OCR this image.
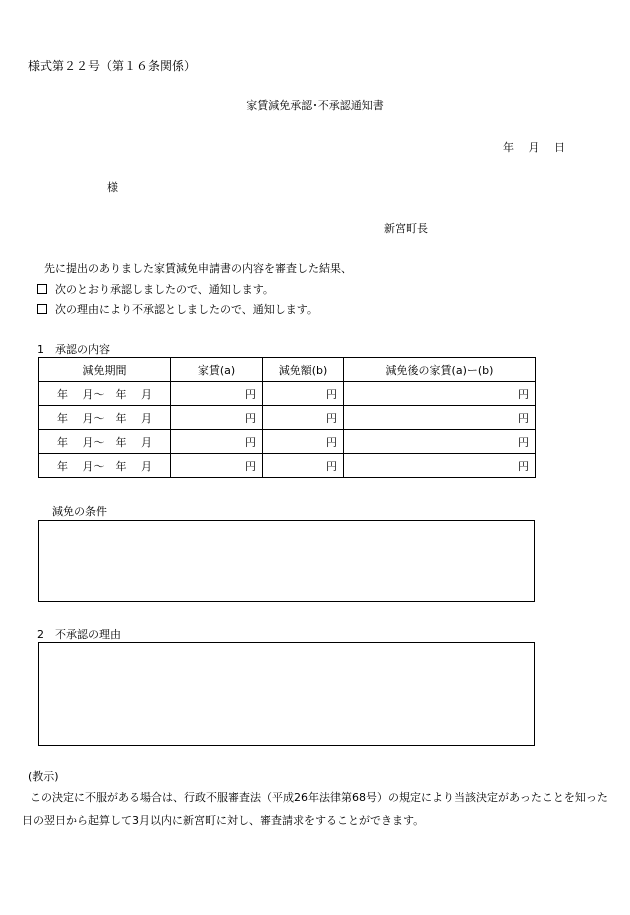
様式第２２号（第１６条関係）
家賃減免承認･不承認通知書
年　 月　 日
様
新宮町長
先に提出のありました家賃減免申請書の内容を審査した結果、
次のとおり承認しましたので、通知します。
次の理由により不承認としましたので、通知します。
1　承認の内容
減免期間	家賃(a)	減免額(b)	減免後の家賃(a)ー(b)
年　 月～　年　 月	円	円	円
年　 月～　年　 月	円	円	円
年　 月～　年　 月	円	円	円
年　 月～　年　 月	円	円	円
減免の条件
2　不承認の理由
(教示)
この決定に不服がある場合は、行政不服審査法（平成26年法律第68号）の規定により当該決定があったことを知った日の翌日から起算して3月以内に新宮町に対し、審査請求をすることができます。
